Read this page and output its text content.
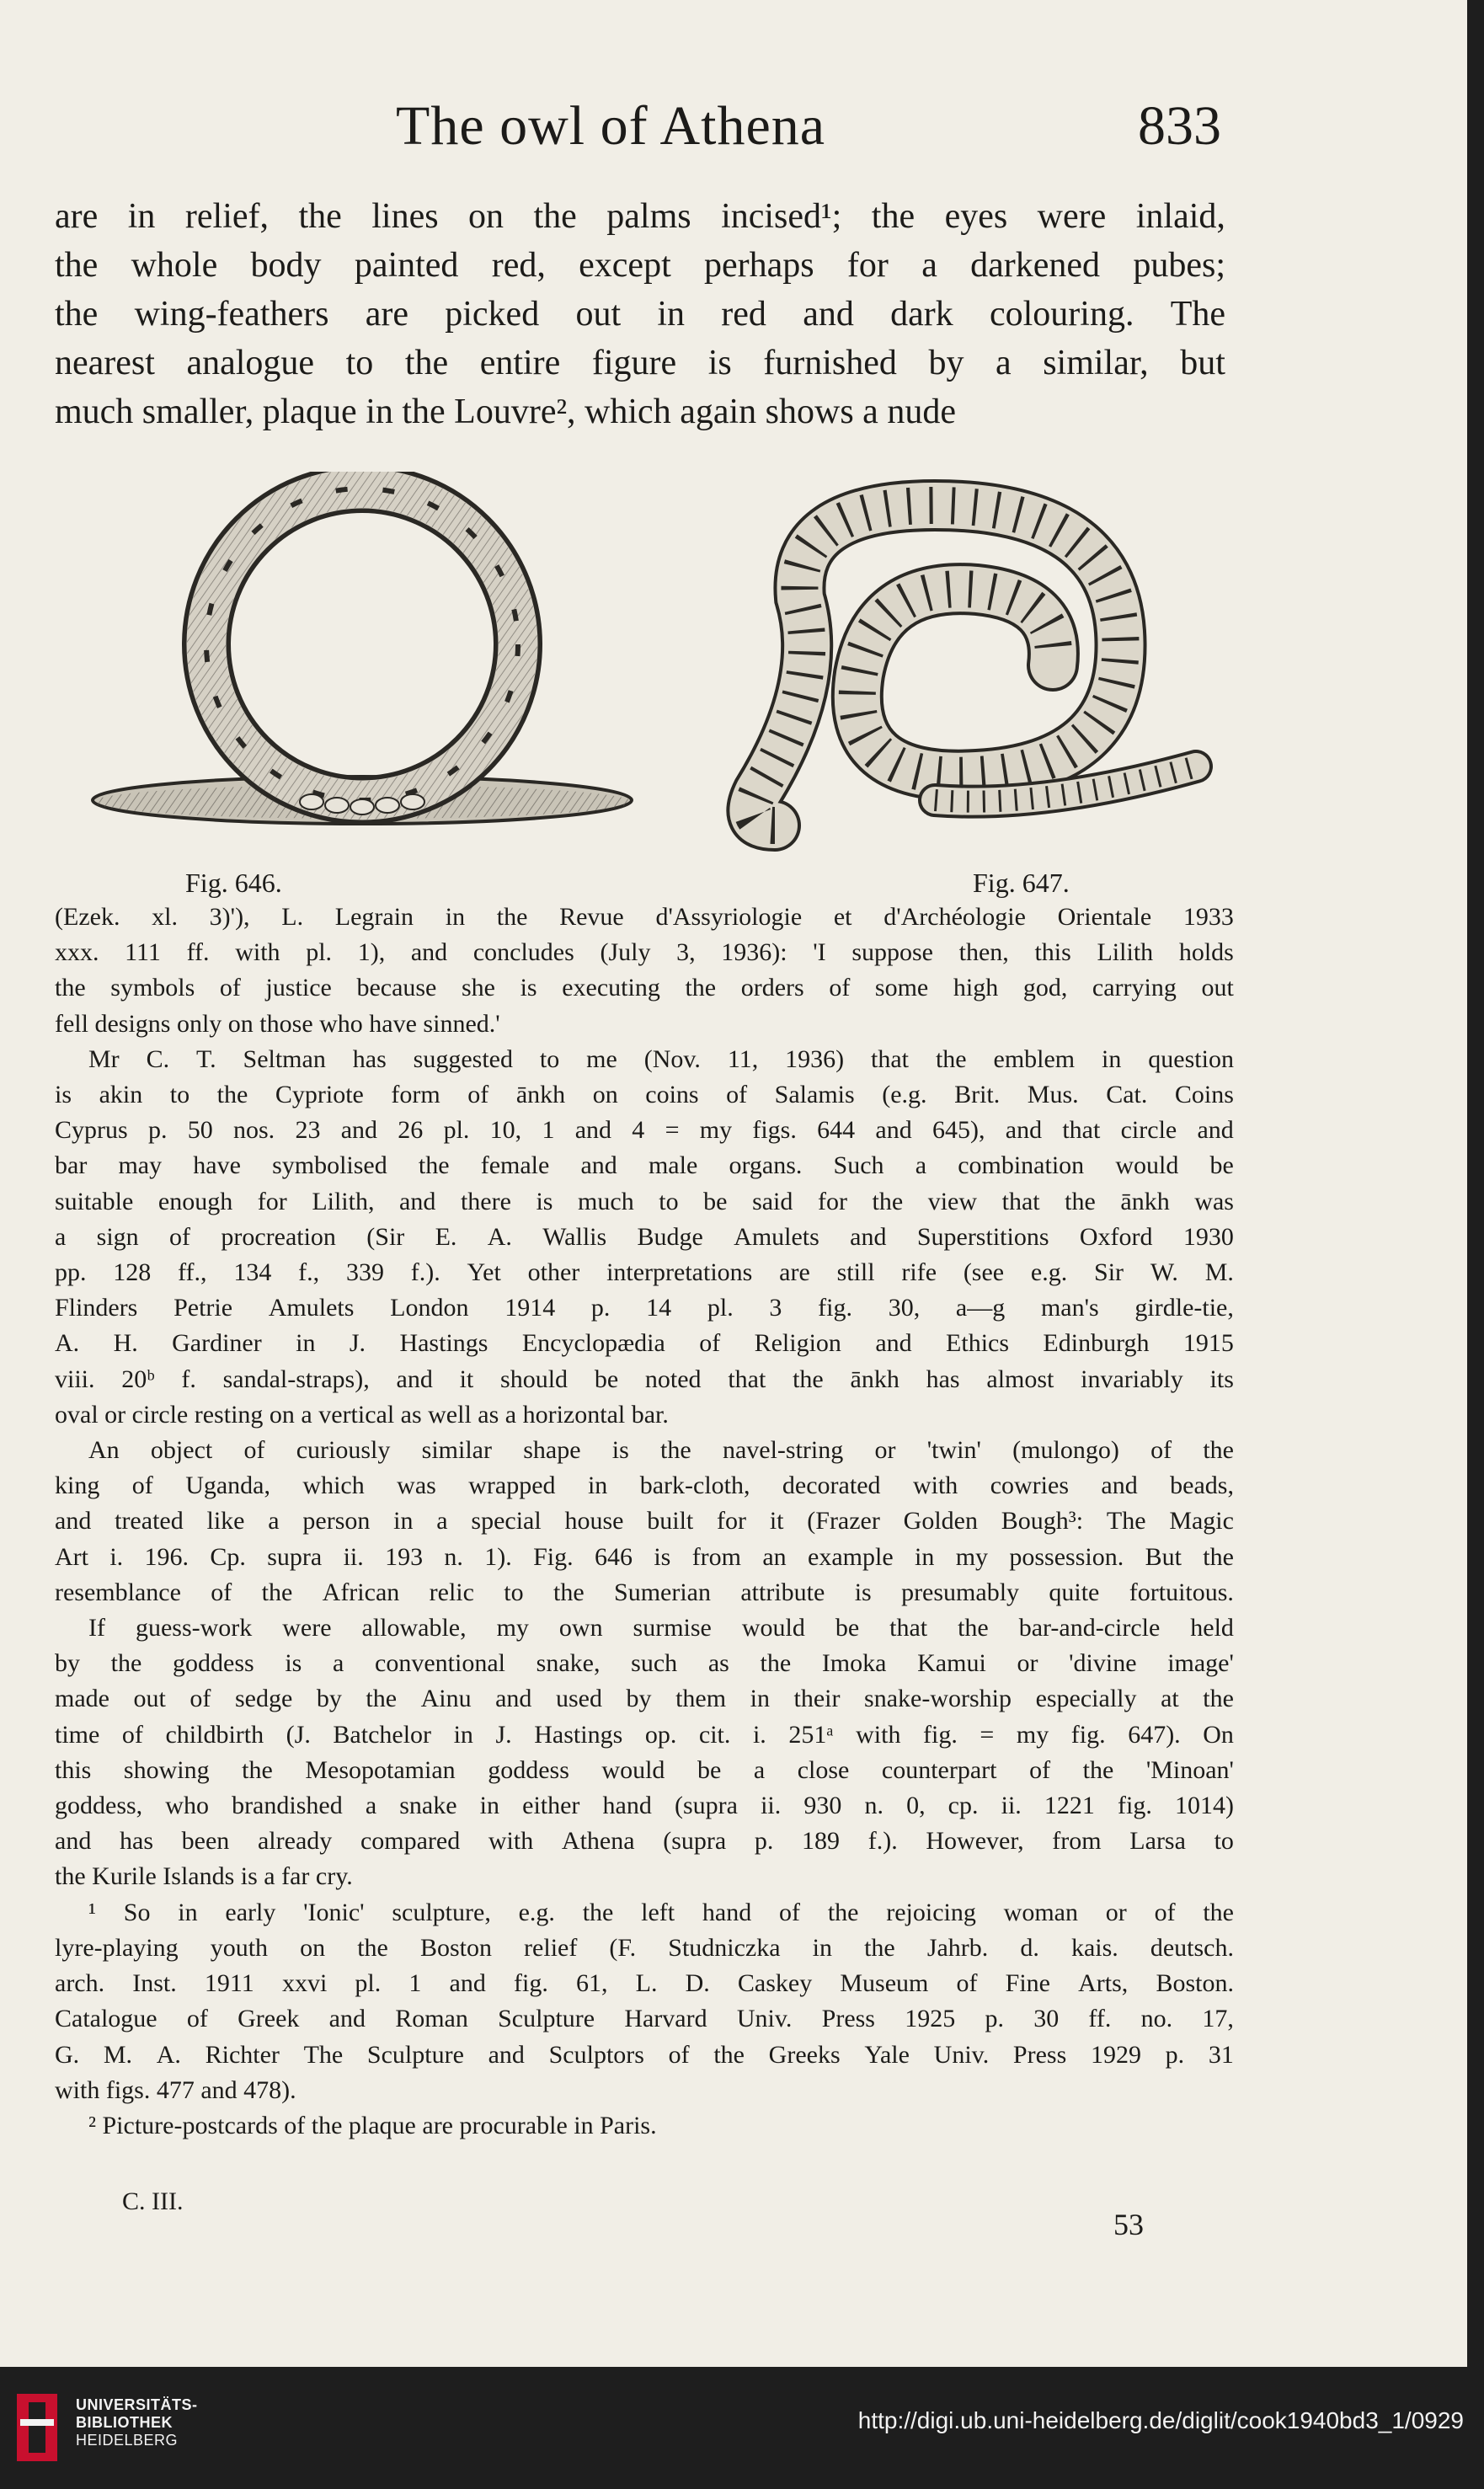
The owl of Athena	833
are in relief, the lines on the palms incised¹; the eyes were inlaid,
the whole body painted red, except perhaps for a darkened pubes;
the wing-feathers are picked out in red and dark colouring. The
nearest analogue to the entire figure is furnished by a similar, but
much smaller, plaque in the Louvre², which again shows a nude
Fig. 646.	Fig. 647.
(Ezek. xl. 3)'), L. Legrain in the Revue d'Assyriologie et d'Archéologie Orientale 1933
xxx. 111 ff. with pl. 1), and concludes (July 3, 1936): 'I suppose then, this Lilith holds
the symbols of justice because she is executing the orders of some high god, carrying out
fell designs only on those who have sinned.'
Mr C. T. Seltman has suggested to me (Nov. 11, 1936) that the emblem in question
is akin to the Cypriote form of ānkh on coins of Salamis (e.g. Brit. Mus. Cat. Coins
Cyprus p. 50 nos. 23 and 26 pl. 10, 1 and 4 = my figs. 644 and 645), and that circle and
bar may have symbolised the female and male organs. Such a combination would be
suitable enough for Lilith, and there is much to be said for the view that the ānkh was
a sign of procreation (Sir E. A. Wallis Budge Amulets and Superstitions Oxford 1930
pp. 128 ff., 134 f., 339 f.). Yet other interpretations are still rife (see e.g. Sir W. M.
Flinders Petrie Amulets London 1914 p. 14 pl. 3 fig. 30, a—g man's girdle-tie,
A. H. Gardiner in J. Hastings Encyclopædia of Religion and Ethics Edinburgh 1915
viii. 20ᵇ f. sandal-straps), and it should be noted that the ānkh has almost invariably its
oval or circle resting on a vertical as well as a horizontal bar.
An object of curiously similar shape is the navel-string or 'twin' (mulongo) of the
king of Uganda, which was wrapped in bark-cloth, decorated with cowries and beads,
and treated like a person in a special house built for it (Frazer Golden Bough³: The Magic
Art i. 196. Cp. supra ii. 193 n. 1). Fig. 646 is from an example in my possession. But the
resemblance of the African relic to the Sumerian attribute is presumably quite fortuitous.
If guess-work were allowable, my own surmise would be that the bar-and-circle held
by the goddess is a conventional snake, such as the Imoka Kamui or 'divine image'
made out of sedge by the Ainu and used by them in their snake-worship especially at the
time of childbirth (J. Batchelor in J. Hastings op. cit. i. 251ᵃ with fig. = my fig. 647). On
this showing the Mesopotamian goddess would be a close counterpart of the 'Minoan'
goddess, who brandished a snake in either hand (supra ii. 930 n. 0, cp. ii. 1221 fig. 1014)
and has been already compared with Athena (supra p. 189 f.). However, from Larsa to
the Kurile Islands is a far cry.
¹ So in early 'Ionic' sculpture, e.g. the left hand of the rejoicing woman or of the
lyre-playing youth on the Boston relief (F. Studniczka in the Jahrb. d. kais. deutsch.
arch. Inst. 1911 xxvi pl. 1 and fig. 61, L. D. Caskey Museum of Fine Arts, Boston.
Catalogue of Greek and Roman Sculpture Harvard Univ. Press 1925 p. 30 ff. no. 17,
G. M. A. Richter The Sculpture and Sculptors of the Greeks Yale Univ. Press 1929 p. 31
with figs. 477 and 478).
² Picture-postcards of the plaque are procurable in Paris.
C. III.
53
UNIVERSITÄTS-
BIBLIOTHEK
HEIDELBERG
http://digi.ub.uni-heidelberg.de/diglit/cook1940bd3_1/0929
